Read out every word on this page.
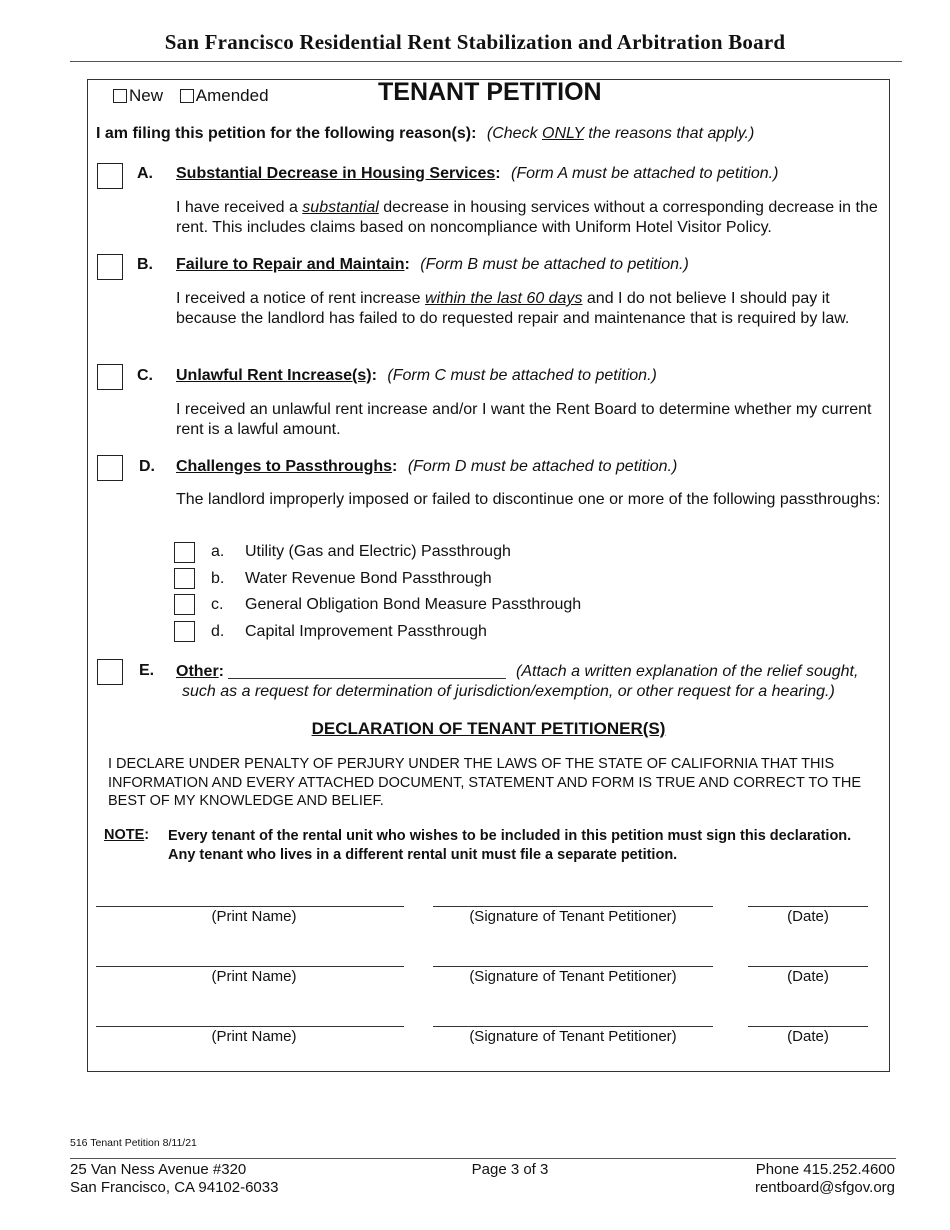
San Francisco Residential Rent Stabilization and Arbitration Board
New Amended	TENANT PETITION
I am filing this petition for the following reason(s): (Check ONLY the reasons that apply.)
A. Substantial Decrease in Housing Services: (Form A must be attached to petition.)
I have received a substantial decrease in housing services without a corresponding decrease in the rent. This includes claims based on noncompliance with Uniform Hotel Visitor Policy.
B. Failure to Repair and Maintain: (Form B must be attached to petition.)
I received a notice of rent increase within the last 60 days and I do not believe I should pay it because the landlord has failed to do requested repair and maintenance that is required by law.
C. Unlawful Rent Increase(s): (Form C must be attached to petition.)
I received an unlawful rent increase and/or I want the Rent Board to determine whether my current rent is a lawful amount.
D. Challenges to Passthroughs: (Form D must be attached to petition.)
The landlord improperly imposed or failed to discontinue one or more of the following passthroughs:
a. Utility (Gas and Electric) Passthrough
b. Water Revenue Bond Passthrough
c. General Obligation Bond Measure Passthrough
d. Capital Improvement Passthrough
E. Other:	(Attach a written explanation of the relief sought,
such as a request for determination of jurisdiction/exemption, or other request for a hearing.)
DECLARATION OF TENANT PETITIONER(S)
I DECLARE UNDER PENALTY OF PERJURY UNDER THE LAWS OF THE STATE OF CALIFORNIA THAT THIS INFORMATION AND EVERY ATTACHED DOCUMENT, STATEMENT AND FORM IS TRUE AND CORRECT TO THE BEST OF MY KNOWLEDGE AND BELIEF.
NOTE: Every tenant of the rental unit who wishes to be included in this petition must sign this declaration. Any tenant who lives in a different rental unit must file a separate petition.
(Print Name)	(Signature of Tenant Petitioner)	(Date)
(Print Name)	(Signature of Tenant Petitioner)	(Date)
(Print Name)	(Signature of Tenant Petitioner)	(Date)
516 Tenant Petition 8/11/21
25 Van Ness Avenue #320
San Francisco, CA 94102-6033
Page 3 of 3	Phone 415.252.4600
rentboard@sfgov.org
